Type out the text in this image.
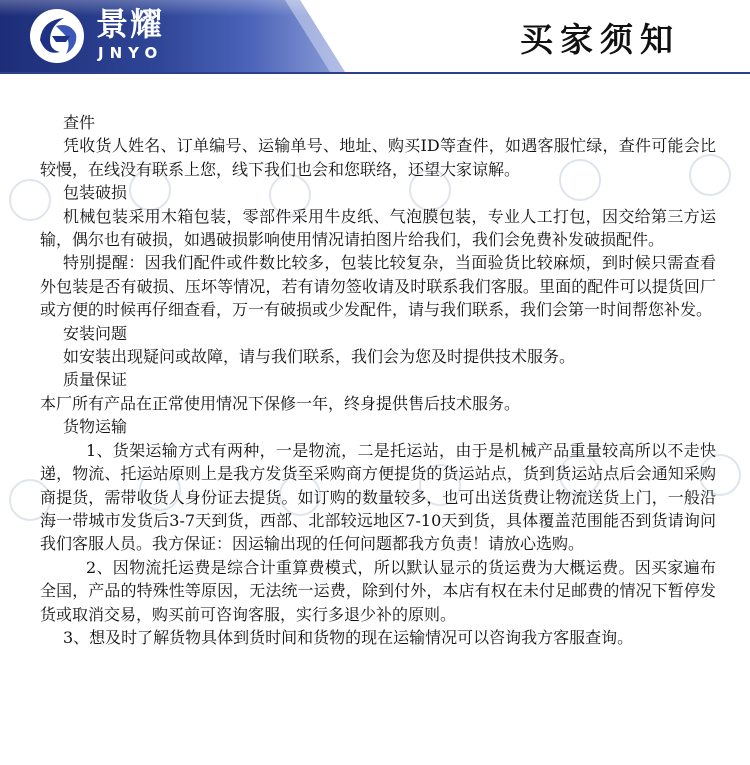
景耀
JNYO	买家须知

查件

凭收货人姓名、订单编号、运输单号、地址、购买ID等查件，如遇客服忙绿，查件可能会比较慢，在线没有联系上您，线下我们也会和您联络，还望大家谅解。

包装破损

机械包装采用木箱包装，零部件采用牛皮纸、气泡膜包装，专业人工打包，因交给第三方运输，偶尔也有破损，如遇破损影响使用情况请拍图片给我们，我们会免费补发破损配件。

特别提醒：因我们配件或件数比较多，包装比较复杂，当面验货比较麻烦，到时候只需查看外包装是否有破损、压坏等情况，若有请勿签收请及时联系我们客服。里面的配件可以提货回厂或方便的时候再仔细查看，万一有破损或少发配件，请与我们联系，我们会第一时间帮您补发。

安装问题

如安装出现疑问或故障，请与我们联系，我们会为您及时提供技术服务。

质量保证

本厂所有产品在正常使用情况下保修一年，终身提供售后技术服务。

货物运输

1、货架运输方式有两种，一是物流，二是托运站，由于是机械产品重量较高所以不走快递，物流、托运站原则上是我方发货至采购商方便提货的货运站点，货到货运站点后会通知采购商提货，需带收货人身份证去提货。如订购的数量较多，也可出送货费让物流送货上门，一般沿海一带城市发货后3-7天到货，西部、北部较远地区7-10天到货，具体覆盖范围能否到货请询问我们客服人员。我方保证：因运输出现的任何问题都我方负责！请放心选购。

2、因物流托运费是综合计重算费模式，所以默认显示的货运费为大概运费。因买家遍布全国，产品的特殊性等原因，无法统一运费，除到付外，本店有权在未付足邮费的情况下暂停发货或取消交易，购买前可咨询客服，实行多退少补的原则。

3、想及时了解货物具体到货时间和货物的现在运输情况可以咨询我方客服查询。
